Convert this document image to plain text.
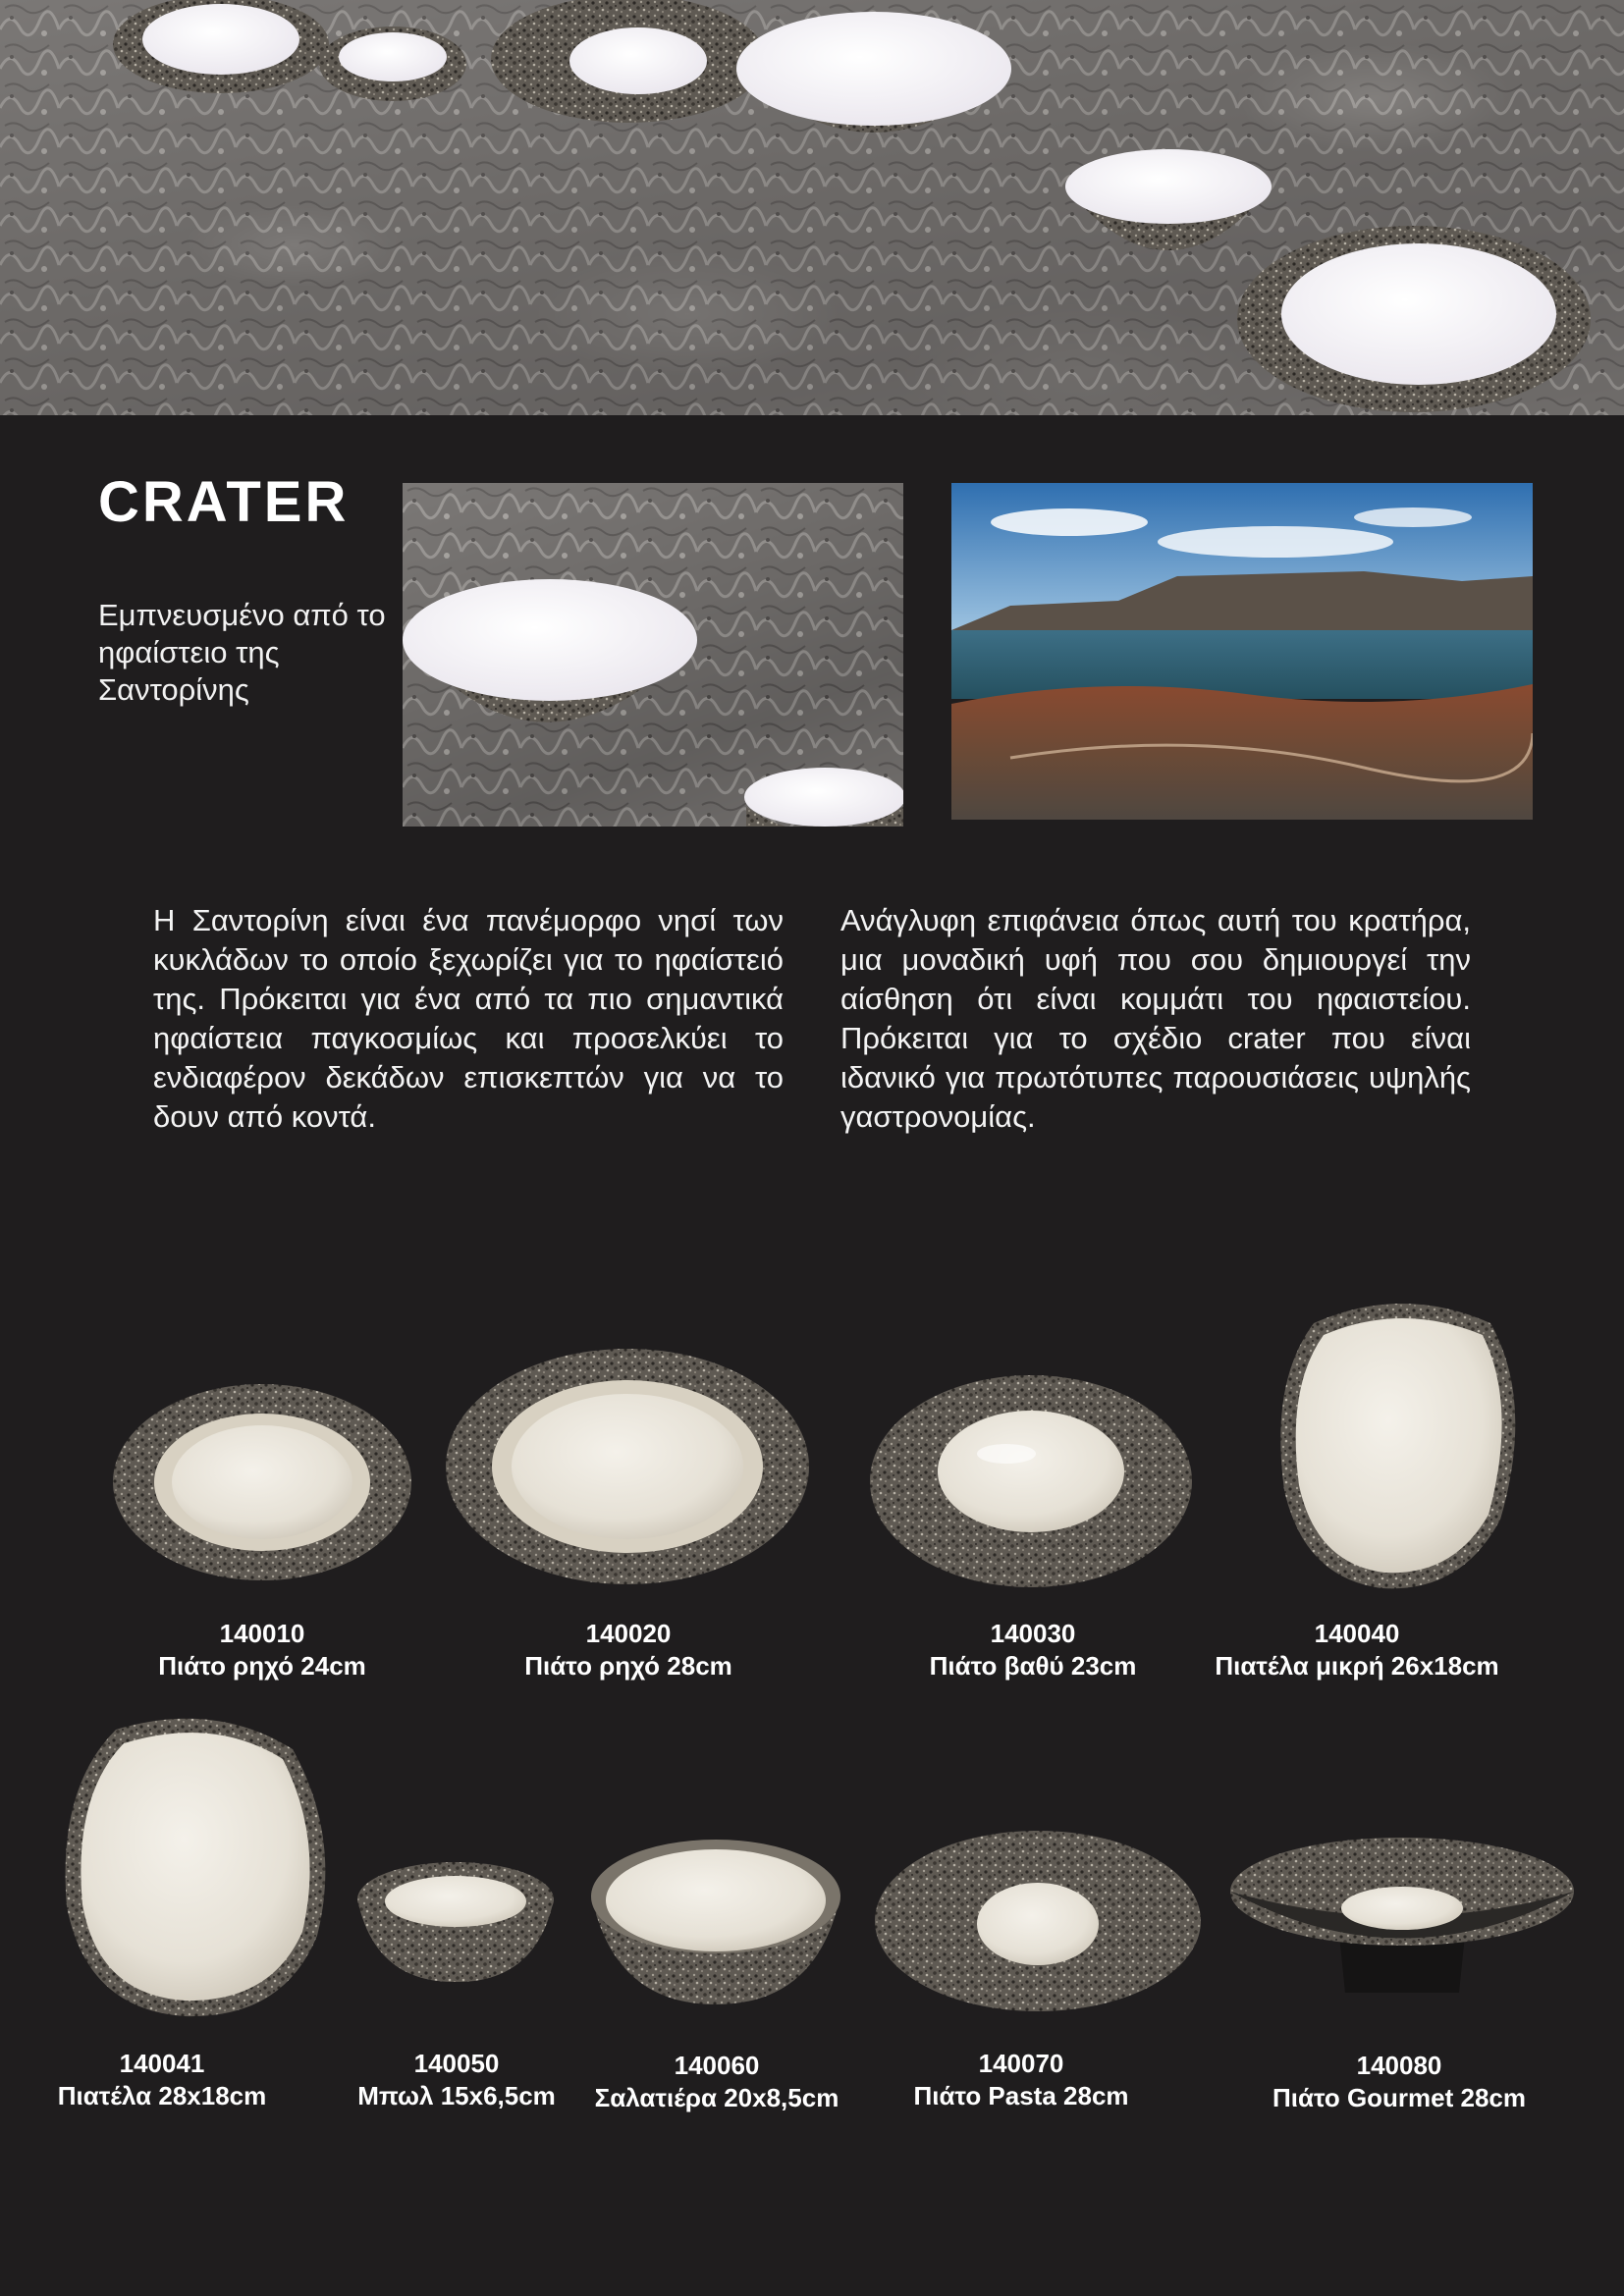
CRATER
Εμπνευσμένο από το ηφαίστειο της Σαντορίνης

Η Σαντορίνη είναι ένα πανέμορφο νησί των κυκλάδων το οποίο ξεχωρίζει για το ηφαίστειό της. Πρόκειται για ένα από τα πιο σημαντικά ηφαίστεια παγκοσμίως και προσελκύει το ενδιαφέρον δεκάδων επισκεπτών για να το δουν από κοντά.

Ανάγλυφη επιφάνεια όπως αυτή του κρατήρα, μια μοναδική υφή που σου δημιουργεί την αίσθηση ότι είναι κομμάτι του ηφαιστείου. Πρόκειται για το σχέδιο crater που είναι ιδανικό για πρωτότυπες παρουσιάσεις υψηλής γαστρονομίας.

140010
Πιάτο ρηχό 24cm
140020
Πιάτο ρηχό 28cm
140030
Πιάτο βαθύ 23cm
140040
Πιατέλα μικρή 26x18cm
140041
Πιατέλα 28x18cm
140050
Μπωλ 15x6,5cm
140060
Σαλατιέρα 20x8,5cm
140070
Πιάτο Pasta 28cm
140080
Πιάτο Gourmet 28cm
